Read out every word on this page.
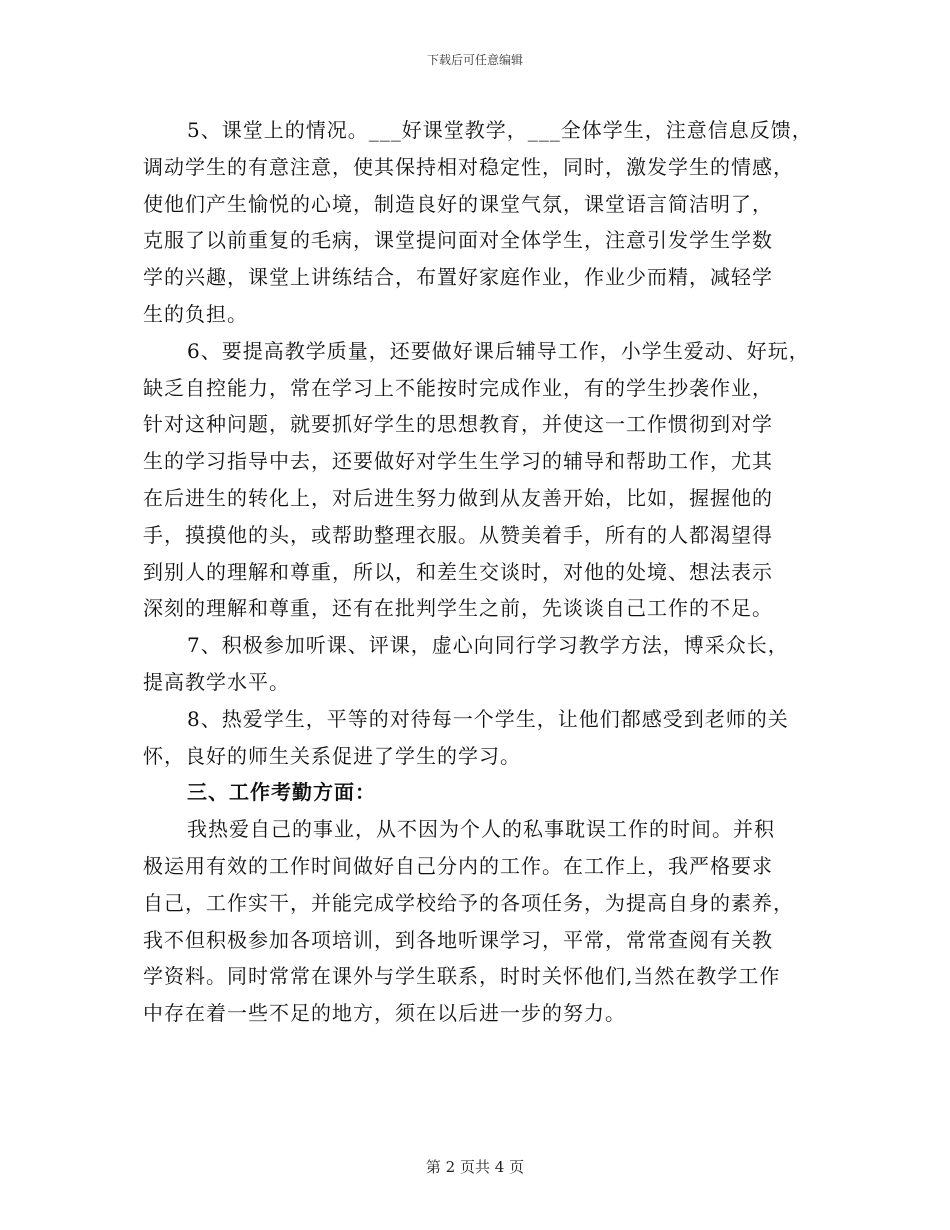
下载后可任意编辑
5、课堂上的情况。___好课堂教学，___全体学生，注意信息反馈，
调动学生的有意注意，使其保持相对稳定性，同时，激发学生的情感，
使他们产生愉悦的心境，制造良好的课堂气氛，课堂语言简洁明了，
克服了以前重复的毛病，课堂提问面对全体学生，注意引发学生学数
学的兴趣，课堂上讲练结合，布置好家庭作业，作业少而精，减轻学
生的负担。
6、要提高教学质量，还要做好课后辅导工作，小学生爱动、好玩，
缺乏自控能力，常在学习上不能按时完成作业，有的学生抄袭作业，
针对这种问题，就要抓好学生的思想教育，并使这一工作惯彻到对学
生的学习指导中去，还要做好对学生生学习的辅导和帮助工作，尤其
在后进生的转化上，对后进生努力做到从友善开始，比如，握握他的
手，摸摸他的头，或帮助整理衣服。从赞美着手，所有的人都渴望得
到别人的理解和尊重，所以，和差生交谈时，对他的处境、想法表示
深刻的理解和尊重，还有在批判学生之前，先谈谈自己工作的不足。
7、积极参加听课、评课，虚心向同行学习教学方法，博采众长，
提高教学水平。
8、热爱学生，平等的对待每一个学生，让他们都感受到老师的关
怀，良好的师生关系促进了学生的学习。
三、工作考勤方面：
我热爱自己的事业，从不因为个人的私事耽误工作的时间。并积
极运用有效的工作时间做好自己分内的工作。在工作上，我严格要求
自己，工作实干，并能完成学校给予的各项任务，为提高自身的素养，
我不但积极参加各项培训，到各地听课学习，平常，常常查阅有关教
学资料。同时常常在课外与学生联系，时时关怀他们,当然在教学工作
中存在着一些不足的地方，须在以后进一步的努力。
第 2 页共 4 页
